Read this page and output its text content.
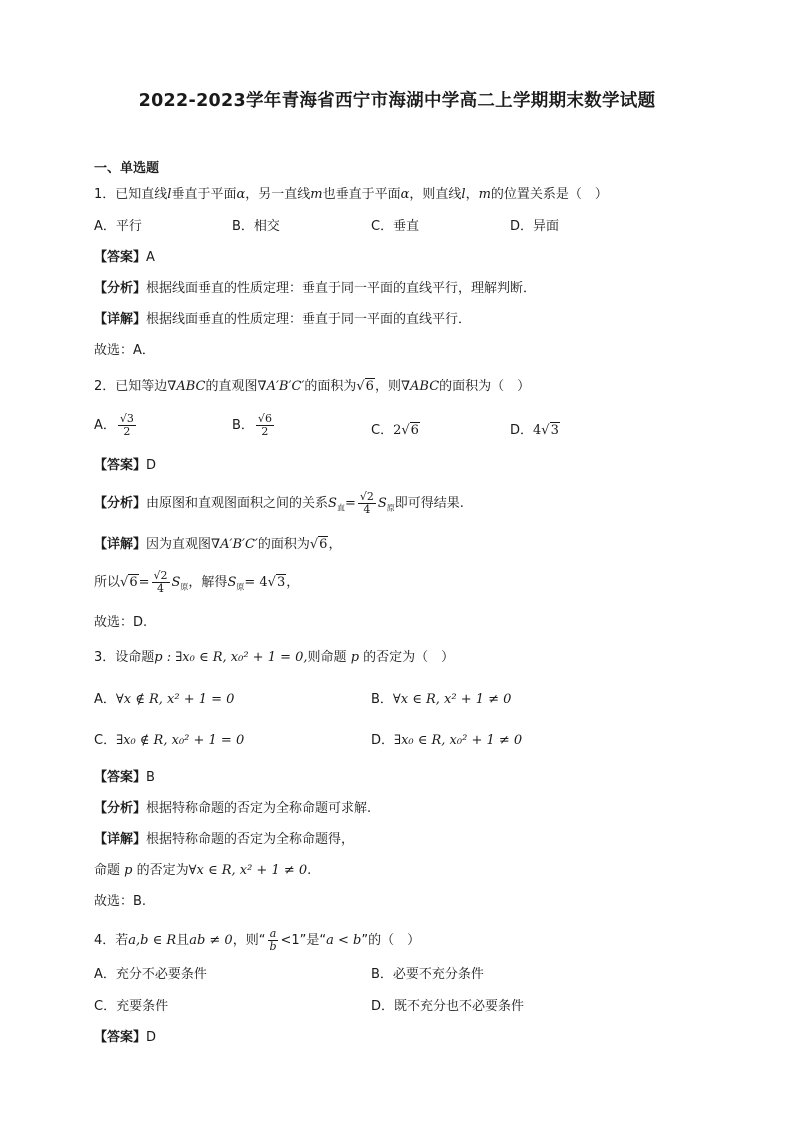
2022-2023学年青海省西宁市海湖中学高二上学期期末数学试题
一、单选题
1．已知直线l垂直于平面α，另一直线m也垂直于平面α，则直线l，m的位置关系是（　）
A．平行	B．相交	C．垂直	D．异面
【答案】A
【分析】根据线面垂直的性质定理：垂直于同一平面的直线平行，理解判断．
【详解】根据线面垂直的性质定理：垂直于同一平面的直线平行．
故选：A．
2．已知等边∇ABC的直观图∇A′B′C′的面积为√6，则∇ABC的面积为（　）
A． $\frac{√3}{2}$	B． $\frac{√6}{2}$	C．2√6	D．4√3
【答案】D
【分析】由原图和直观图面积之间的关系$S_直= \frac{√2}{4} S_原$即可得结果.
【详解】因为直观图∇A′B′C′的面积为√6，
所以$√6= \frac{√2}{4} S_原$，解得$S_原= 4√3$，
故选：D.
3．设命题p : ∃x₀ ∈ R, x₀² + 1 = 0,则命题 p 的否定为（　）
A．∀x ∉ R, x² + 1 = 0	B．∀x ∈ R, x² + 1 ≠ 0
C．∃x₀ ∉ R, x₀² + 1 = 0	D．∃x₀ ∈ R, x₀² + 1 ≠ 0
【答案】B
【分析】根据特称命题的否定为全称命题可求解.
【详解】根据特称命题的否定为全称命题得，
命题 p 的否定为∀x ∈ R, x² + 1 ≠ 0.
故选：B.
4．若a,b ∈ R且ab ≠ 0，则“ $\frac{a}{b} <1$”是“a < b”的（　）
A．充分不必要条件	B．必要不充分条件
C．充要条件	D．既不充分也不必要条件
【答案】D
